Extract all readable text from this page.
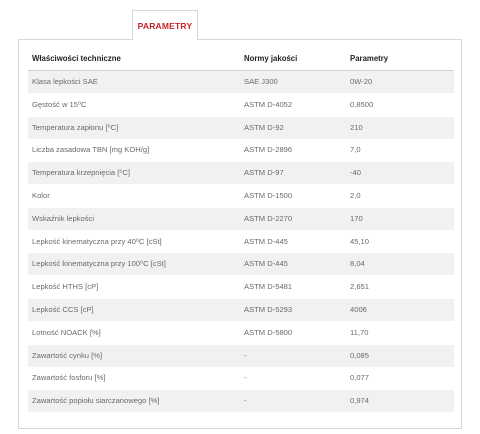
PARAMETRY
Właściwości techniczne	Normy jakości	Parametry
Klasa lepkości SAE	SAE J300	0W-20
Gęstość w 15⁰C	ASTM D-4052	0,8500
Temperatura zapłonu [⁰C]	ASTM D-92	210
Liczba zasadowa TBN [mg KOH/g]	ASTM D-2896	7,0
Temperatura krzepnięcia [⁰C]	ASTM D-97	-40
Kolor	ASTM D-1500	2,0
Wskaźnik lepkości	ASTM D-2270	170
Lepkość kinematyczna przy 40⁰C [cSt]	ASTM D-445	45,10
Lepkość kinematyczna przy 100⁰C [cSt]	ASTM D-445	8,04
Lepkość HTHS [cP]	ASTM D-5481	2,651
Lepkość CCS [cP]	ASTM D-5293	4006
Lotność NOACK [%]	ASTM D-5800	11,70
Zawartość cynku [%]	-	0,085
Zawartość fosforu [%]	-	0,077
Zawartość popiołu siarczanowego [%]	-	0,974
